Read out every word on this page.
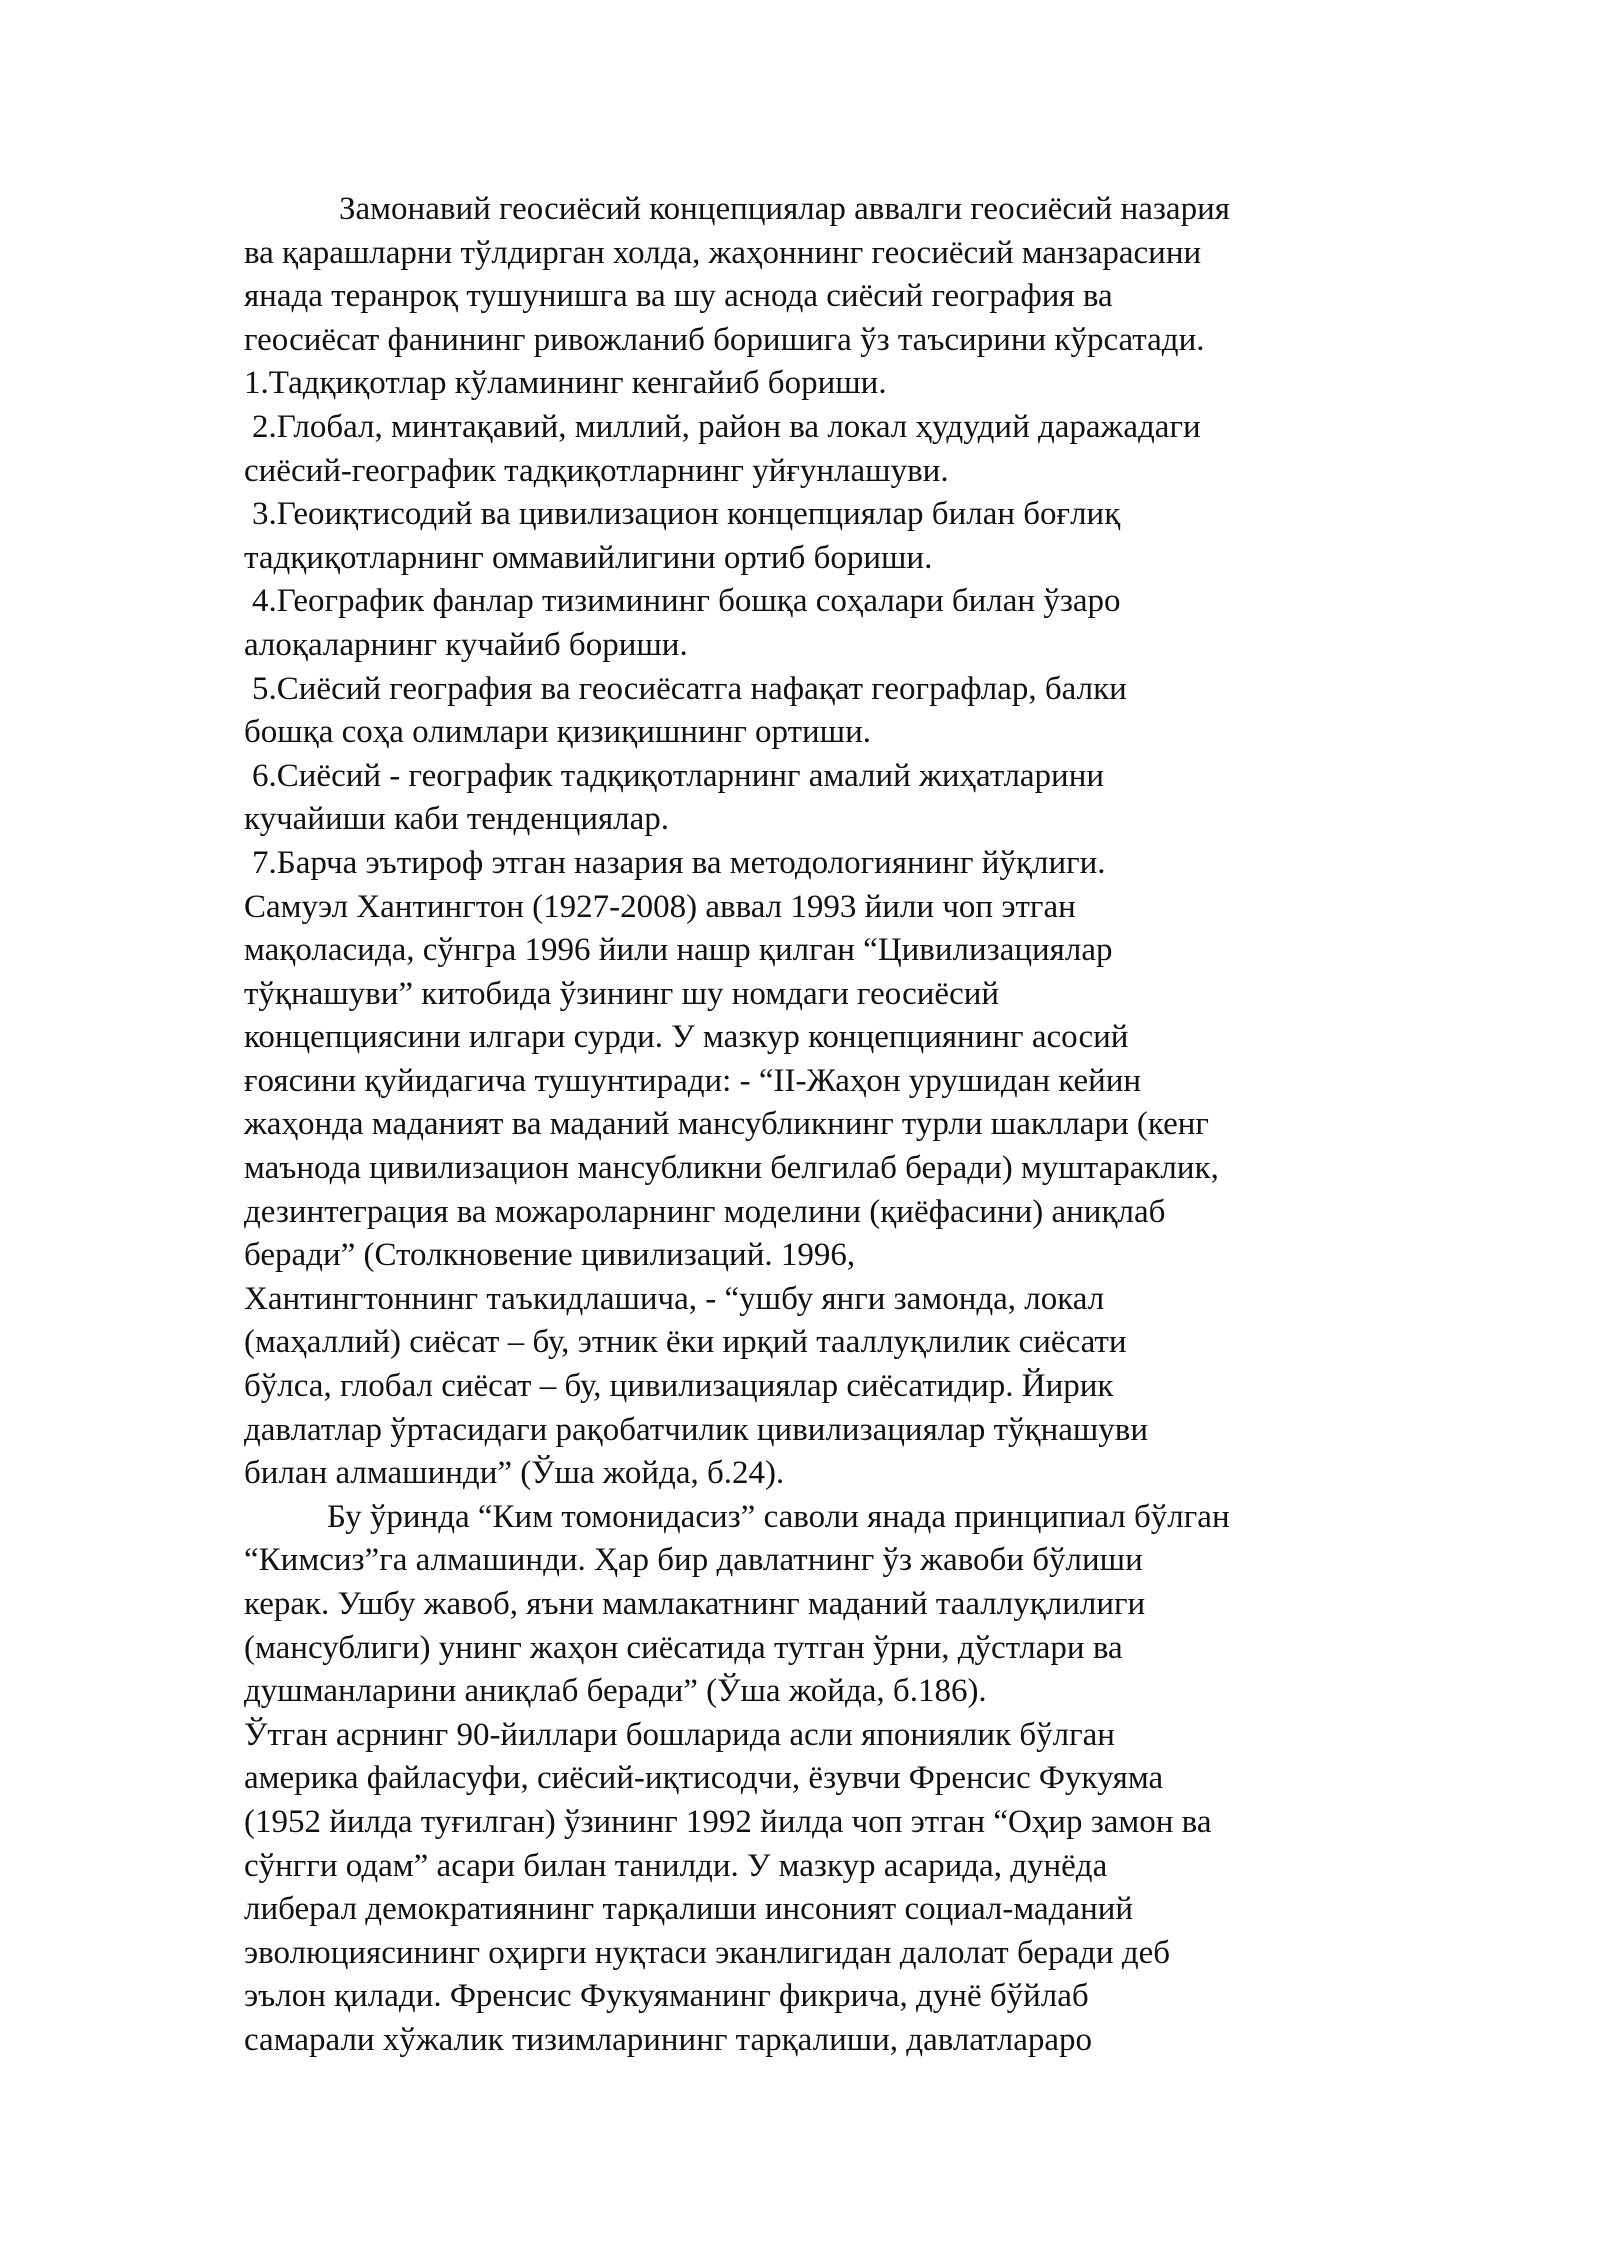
Замонавий геосиёсий концепциялар аввалги геосиёсий назария
ва қарашларни тўлдирган холда, жаҳоннинг геосиёсий манзарасини
янада теранроқ тушунишга ва шу аснода сиёсий география ва
геосиёсат фанининг ривожланиб боришига ўз таъсирини кўрсатади.
1.Тадқиқотлар кўламининг кенгайиб бориши.
2.Глобал, минтақавий, миллий, район ва локал ҳудудий даражадаги
сиёсий-географик тадқиқотларнинг уйғунлашуви.
3.Геоиқтисодий ва цивилизацион концепциялар билан боғлиқ
тадқиқотларнинг оммавийлигини ортиб бориши.
4.Географик фанлар тизимининг бошқа соҳалари билан ўзаро
алоқаларнинг кучайиб бориши.
5.Сиёсий география ва геосиёсатга нафақат географлар, балки
бошқа соҳа олимлари қизиқишнинг ортиши.
6.Сиёсий - географик тадқиқотларнинг амалий жиҳатларини
кучайиши каби тенденциялар.
7.Барча эътироф этган назария ва методологиянинг йўқлиги.
Самуэл Хантингтон (1927-2008) аввал 1993 йили чоп этган
мақоласида, сўнгра 1996 йили нашр қилган “Цивилизациялар
тўқнашуви” китобида ўзининг шу номдаги геосиёсий
концепциясини илгари сурди. У мазкур концепциянинг асосий
ғоясини қуйидагича тушунтиради: - “II-Жаҳон урушидан кейин
жаҳонда маданият ва маданий мансубликнинг турли шакллари (кенг
маънода цивилизацион мансубликни белгилаб беради) муштараклик,
дезинтеграция ва можароларнинг моделини (қиёфасини) аниқлаб
беради” (Столкновение цивилизаций. 1996,
Хантингтоннинг таъкидлашича, - “ушбу янги замонда, локал
(маҳаллий) сиёсат – бу, этник ёки ирқий тааллуқлилик сиёсати
бўлса, глобал сиёсат – бу, цивилизациялар сиёсатидир. Йирик
давлатлар ўртасидаги рақобатчилик цивилизациялар тўқнашуви
билан алмашинди” (Ўша жойда, б.24).
Бу ўринда “Ким томонидасиз” саволи янада принципиал бўлган
“Кимсиз”га алмашинди. Ҳар бир давлатнинг ўз жавоби бўлиши
керак. Ушбу жавоб, яъни мамлакатнинг маданий тааллуқлилиги
(мансублиги) унинг жаҳон сиёсатида тутган ўрни, дўстлари ва
душманларини аниқлаб беради” (Ўша жойда, б.186).
Ўтган асрнинг 90-йиллари бошларида асли япониялик бўлган
америка файласуфи, сиёсий-иқтисодчи, ёзувчи Френсис Фукуяма
(1952 йилда туғилган) ўзининг 1992 йилда чоп этган “Оҳир замон ва
сўнгги одам” асари билан танилди. У мазкур асарида, дунёда
либерал демократиянинг тарқалиши инсоният социал-маданий
эволюциясининг оҳирги нуқтаси эканлигидан далолат беради деб
эълон қилади. Френсис Фукуяманинг фикрича, дунё бўйлаб
самарали хўжалик тизимларининг тарқалиши, давлатлараро
